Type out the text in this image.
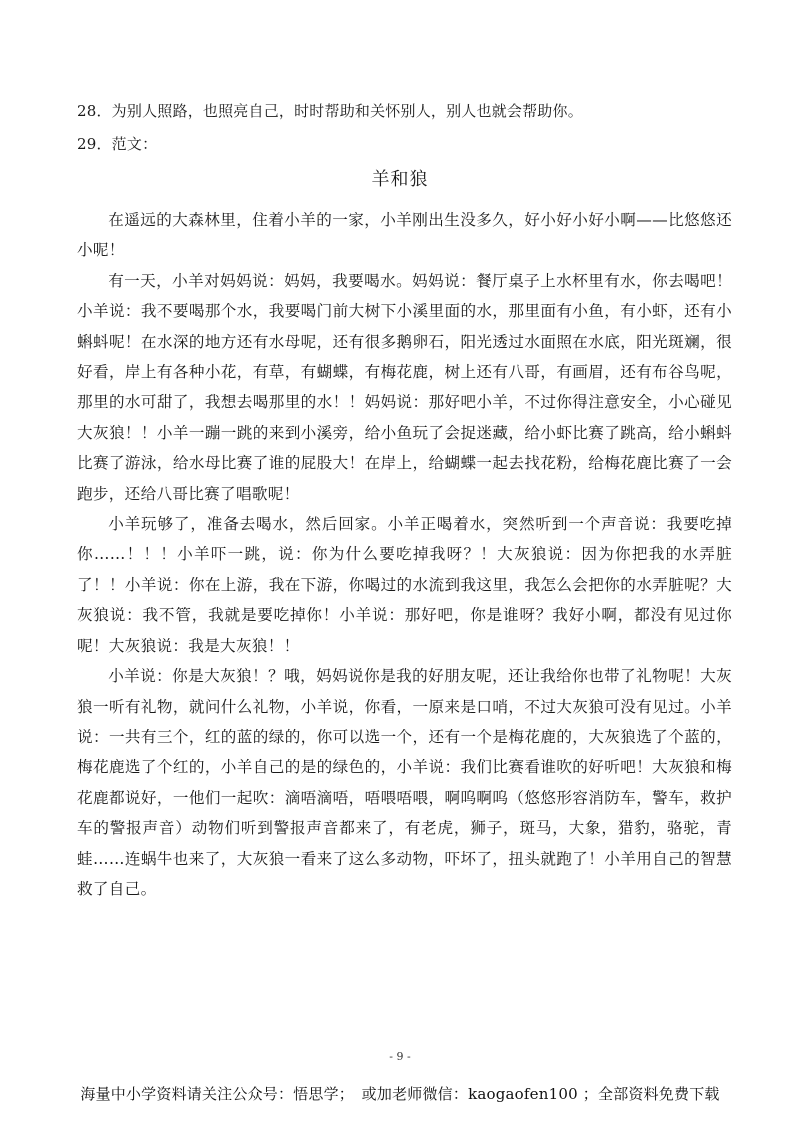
28．为别人照路，也照亮自己，时时帮助和关怀别人，别人也就会帮助你。
29．范文：
羊和狼

在遥远的大森林里，住着小羊的一家，小羊刚出生没多久，好小好小好小啊——比悠悠还小呢！

有一天，小羊对妈妈说：妈妈，我要喝水。妈妈说：餐厅桌子上水杯里有水，你去喝吧！小羊说：我不要喝那个水，我要喝门前大树下小溪里面的水，那里面有小鱼，有小虾，还有小蝌蚪呢！在水深的地方还有水母呢，还有很多鹅卵石，阳光透过水面照在水底，阳光斑斓，很好看，岸上有各种小花，有草，有蝴蝶，有梅花鹿，树上还有八哥，有画眉，还有布谷鸟呢，那里的水可甜了，我想去喝那里的水！！妈妈说：那好吧小羊，不过你得注意安全，小心碰见大灰狼！！小羊一蹦一跳的来到小溪旁，给小鱼玩了会捉迷藏，给小虾比赛了跳高，给小蝌蚪比赛了游泳，给水母比赛了谁的屁股大！在岸上，给蝴蝶一起去找花粉，给梅花鹿比赛了一会跑步，还给八哥比赛了唱歌呢！

小羊玩够了，准备去喝水，然后回家。小羊正喝着水，突然听到一个声音说：我要吃掉你……！！！小羊吓一跳，说：你为什么要吃掉我呀？！大灰狼说：因为你把我的水弄脏了！！小羊说：你在上游，我在下游，你喝过的水流到我这里，我怎么会把你的水弄脏呢？大灰狼说：我不管，我就是要吃掉你！小羊说：那好吧，你是谁呀？我好小啊，都没有见过你呢！大灰狼说：我是大灰狼！！

小羊说：你是大灰狼！？哦，妈妈说你是我的好朋友呢，还让我给你也带了礼物呢！大灰狼一听有礼物，就问什么礼物，小羊说，你看，一原来是口哨，不过大灰狼可没有见过。小羊说：一共有三个，红的蓝的绿的，你可以选一个，还有一个是梅花鹿的，大灰狼选了个蓝的，梅花鹿选了个红的，小羊自己的是的绿色的，小羊说：我们比赛看谁吹的好听吧！大灰狼和梅花鹿都说好，一他们一起吹：滴唔滴唔，唔喂唔喂，啊呜啊呜（悠悠形容消防车，警车，救护车的警报声音）动物们听到警报声音都来了，有老虎，狮子，斑马，大象，猎豹，骆驼，青蛙……连蜗牛也来了，大灰狼一看来了这么多动物，吓坏了，扭头就跑了！小羊用自己的智慧救了自己。

- 9 -
海量中小学资料请关注公众号：悟思学；　或加老师微信：kaogaofen100 ；全部资料免费下载
